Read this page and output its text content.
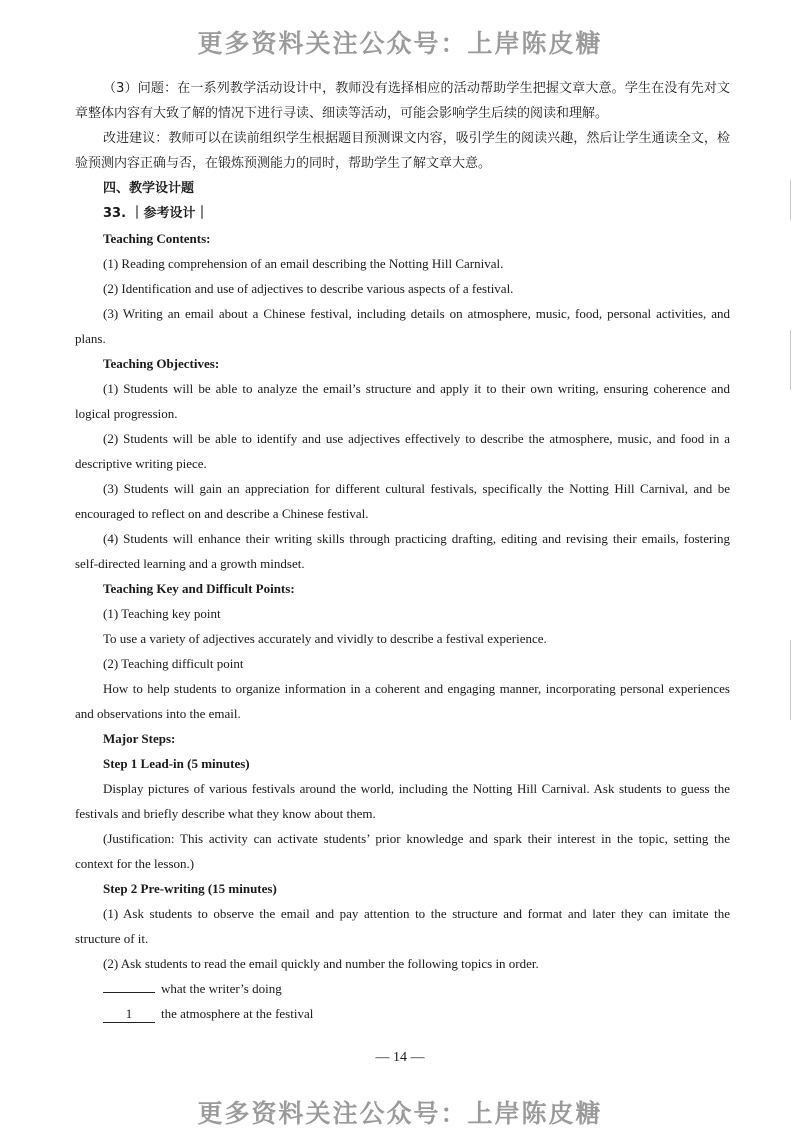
更多资料关注公众号：上岸陈皮糖

（3）问题：在一系列教学活动设计中，教师没有选择相应的活动帮助学生把握文章大意。学生在没有先对文章整体内容有大致了解的情况下进行寻读、细读等活动，可能会影响学生后续的阅读和理解。

改进建议：教师可以在读前组织学生根据题目预测课文内容，吸引学生的阅读兴趣，然后让学生通读全文，检验预测内容正确与否，在锻炼预测能力的同时，帮助学生了解文章大意。

四、教学设计题

33. ｜参考设计｜

Teaching Contents:

(1) Reading comprehension of an email describing the Notting Hill Carnival.

(2) Identification and use of adjectives to describe various aspects of a festival.

(3) Writing an email about a Chinese festival, including details on atmosphere, music, food, personal activities, and plans.

Teaching Objectives:

(1) Students will be able to analyze the email’s structure and apply it to their own writing, ensuring coherence and logical progression.

(2) Students will be able to identify and use adjectives effectively to describe the atmosphere, music, and food in a descriptive writing piece.

(3) Students will gain an appreciation for different cultural festivals, specifically the Notting Hill Carnival, and be encouraged to reflect on and describe a Chinese festival.

(4) Students will enhance their writing skills through practicing drafting, editing and revising their emails, fostering self-directed learning and a growth mindset.

Teaching Key and Difficult Points:

(1) Teaching key point

To use a variety of adjectives accurately and vividly to describe a festival experience.

(2) Teaching difficult point

How to help students to organize information in a coherent and engaging manner, incorporating personal experiences and observations into the email.

Major Steps:

Step 1 Lead-in (5 minutes)

Display pictures of various festivals around the world, including the Notting Hill Carnival. Ask students to guess the festivals and briefly describe what they know about them.

(Justification: This activity can activate students’ prior knowledge and spark their interest in the topic, setting the context for the lesson.)

Step 2 Pre-writing (15 minutes)

(1) Ask students to observe the email and pay attention to the structure and format and later they can imitate the structure of it.

(2) Ask students to read the email quickly and number the following topics in order.

what the writer’s doing

1 the atmosphere at the festival

— 14 —
更多资料关注公众号：上岸陈皮糖
